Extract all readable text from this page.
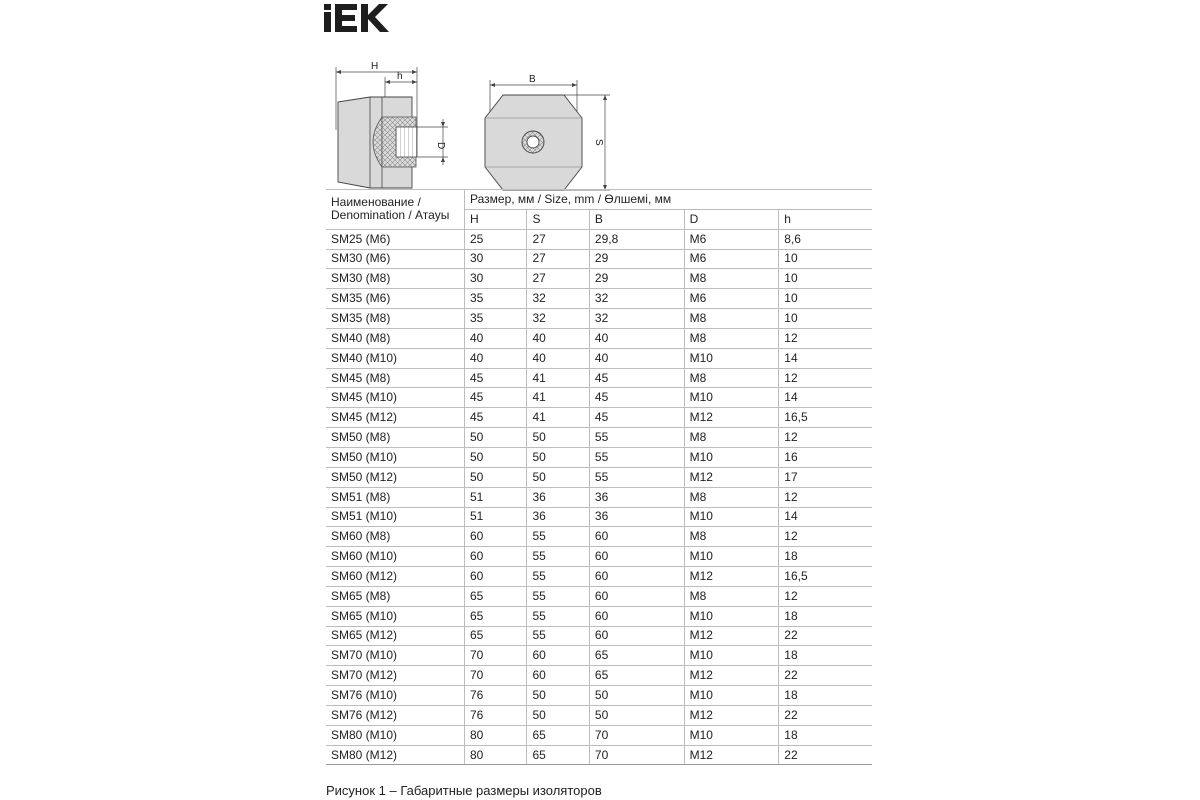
H
h
D
B
S
Наименование /
Denomination / Атауы	Размер, мм / Size, mm / Өлшемі, мм				
	H	S	B	D	h
SM25 (M6)	25	27	29,8	M6	8,6
SM30 (M6)	30	27	29	M6	10
SM30 (M8)	30	27	29	M8	10
SM35 (M6)	35	32	32	M6	10
SM35 (M8)	35	32	32	M8	10
SM40 (M8)	40	40	40	M8	12
SM40 (M10)	40	40	40	M10	14
SM45 (M8)	45	41	45	M8	12
SM45 (M10)	45	41	45	M10	14
SM45 (M12)	45	41	45	M12	16,5
SM50 (M8)	50	50	55	M8	12
SM50 (M10)	50	50	55	M10	16
SM50 (M12)	50	50	55	M12	17
SM51 (M8)	51	36	36	M8	12
SM51 (M10)	51	36	36	M10	14
SM60 (M8)	60	55	60	M8	12
SM60 (M10)	60	55	60	M10	18
SM60 (M12)	60	55	60	M12	16,5
SM65 (M8)	65	55	60	M8	12
SM65 (M10)	65	55	60	M10	18
SM65 (M12)	65	55	60	M12	22
SM70 (M10)	70	60	65	M10	18
SM70 (M12)	70	60	65	M12	22
SM76 (M10)	76	50	50	M10	18
SM76 (M12)	76	50	50	M12	22
SM80 (M10)	80	65	70	M10	18
SM80 (M12)	80	65	70	M12	22
Рисунок 1 – Габаритные размеры изоляторов
